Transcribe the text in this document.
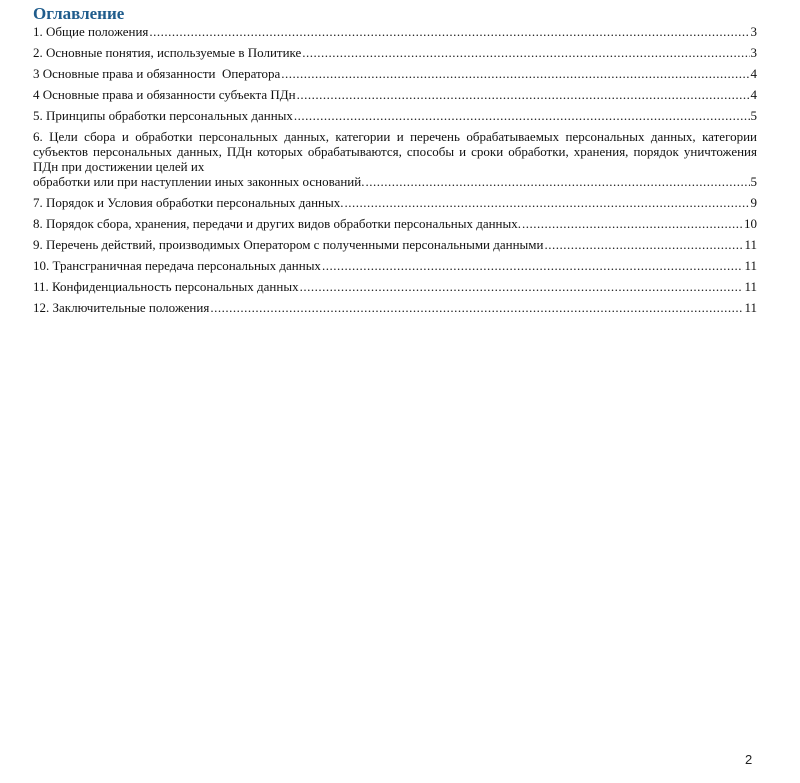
Оглавление
1. Общие положения .....	3
2. Основные понятия, используемые в Политике .....	3
3 Основные права и обязанности  Оператора .....	4
4 Основные права и обязанности субъекта ПДн .....	4
5. Принципы обработки персональных данных .....	5
6. Цели сбора и обработки персональных данных, категории и перечень обрабатываемых персональных данных, категории субъектов персональных данных, ПДн которых обрабатываются, способы и сроки обработки, хранения, порядок уничтожения ПДн при достижении целей их
обработки или при наступлении иных законных оснований. .....	5
7. Порядок и Условия обработки персональных данных. .....	9
8. Порядок сбора, хранения, передачи и других видов обработки персональных данных. .....	10
9. Перечень действий, производимых Оператором с полученными персональными данными .....	11
10. Трансграничная передача персональных данных .....	11
11. Конфиденциальность персональных данных .....	11
12. Заключительные положения .....	11
2
